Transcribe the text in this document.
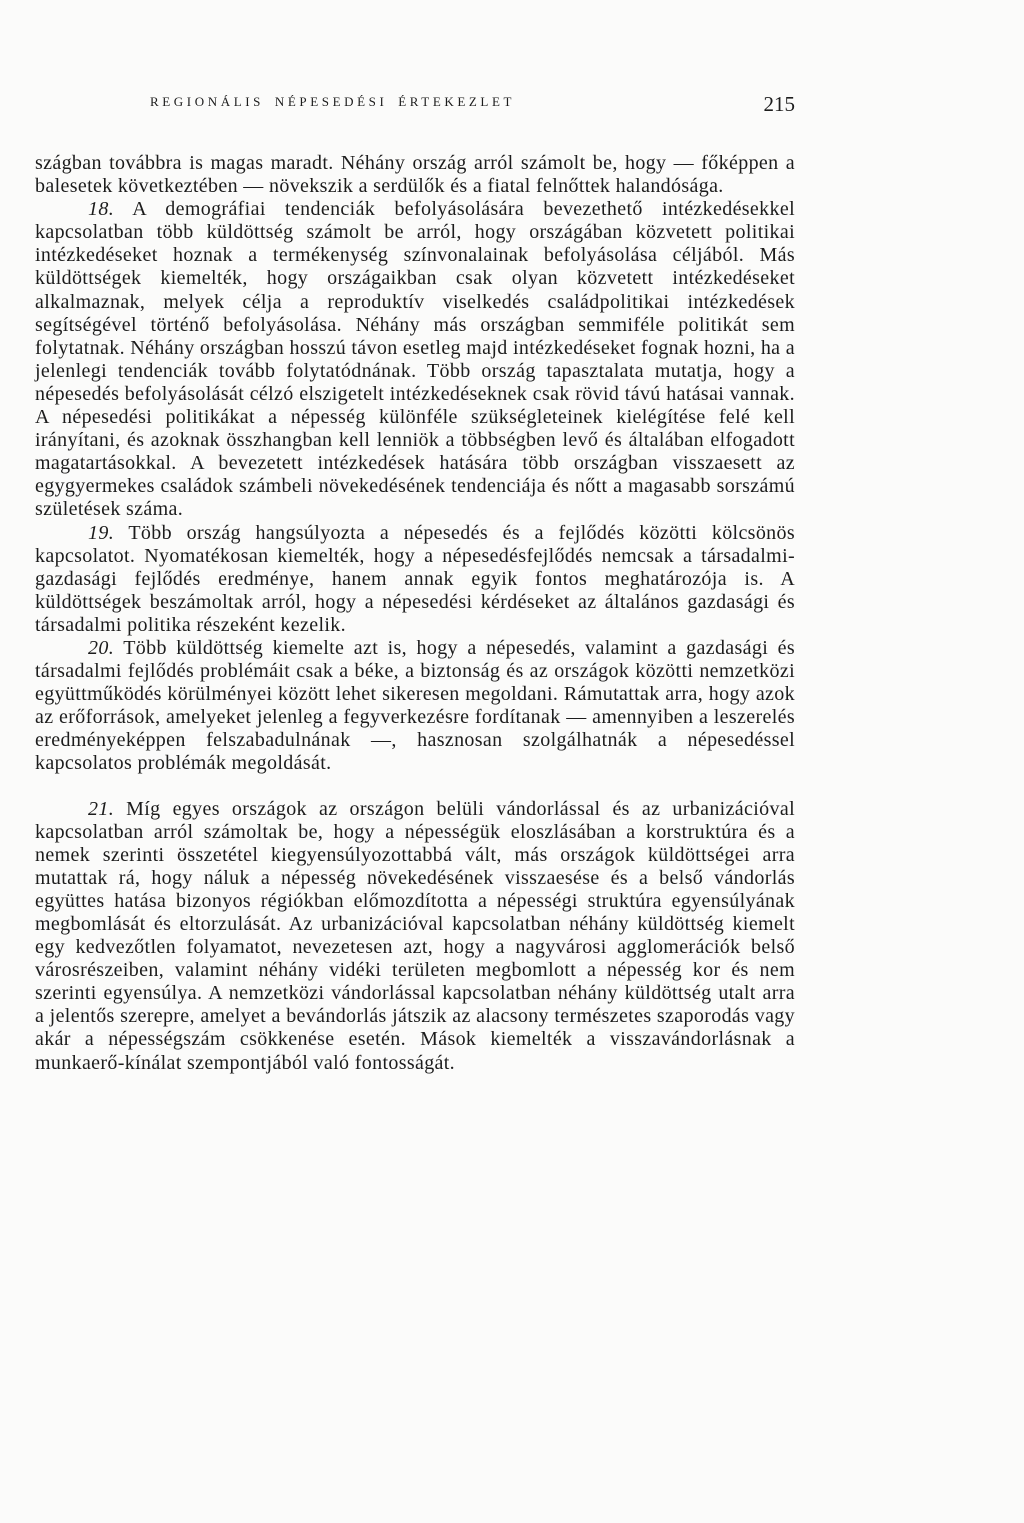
REGIONÁLIS NÉPESEDÉSI ÉRTEKEZLET	215

szágban továbbra is magas maradt. Néhány ország arról számolt be, hogy — főképpen a balesetek következtében — növekszik a serdülők és a fiatal felnőttek halandósága.

18. A demográfiai tendenciák befolyásolására bevezethető intézkedésekkel kapcsolatban több küldöttség számolt be arról, hogy országában közvetett politikai intézkedéseket hoznak a termékenység színvonalainak befolyásolása céljából. Más küldöttségek kiemelték, hogy országaikban csak olyan közvetett intézkedéseket alkalmaznak, melyek célja a reproduktív viselkedés családpolitikai intézkedések segítségével történő befolyásolása. Néhány más országban semmiféle politikát sem folytatnak. Néhány országban hosszú távon esetleg majd intézkedéseket fognak hozni, ha a jelenlegi tendenciák tovább folytatódnának. Több ország tapasztalata mutatja, hogy a népesedés befolyásolását célzó elszigetelt intézkedéseknek csak rövid távú hatásai vannak. A népesedési politikákat a népesség különféle szükségleteinek kielégítése felé kell irányítani, és azoknak összhangban kell lenniök a többségben levő és általában elfogadott magatartásokkal. A bevezetett intézkedések hatására több országban visszaesett az egygyermekes családok számbeli növekedésének tendenciája és nőtt a magasabb sorszámú születések száma.

19. Több ország hangsúlyozta a népesedés és a fejlődés közötti kölcsönös kapcsolatot. Nyomatékosan kiemelték, hogy a népesedésfejlődés nemcsak a társadalmi-gazdasági fejlődés eredménye, hanem annak egyik fontos meghatározója is. A küldöttségek beszámoltak arról, hogy a népesedési kérdéseket az általános gazdasági és társadalmi politika részeként kezelik.

20. Több küldöttség kiemelte azt is, hogy a népesedés, valamint a gazdasági és társadalmi fejlődés problémáit csak a béke, a biztonság és az országok közötti nemzetközi együttműködés körülményei között lehet sikeresen megoldani. Rámutattak arra, hogy azok az erőforrások, amelyeket jelenleg a fegyverkezésre fordítanak — amennyiben a leszerelés eredményeképpen felszabadulnának —, hasznosan szolgálhatnák a népesedéssel kapcsolatos problémák megoldását.

21. Míg egyes országok az országon belüli vándorlással és az urbanizációval kapcsolatban arról számoltak be, hogy a népességük eloszlásában a korstruktúra és a nemek szerinti összetétel kiegyensúlyozottabbá vált, más országok küldöttségei arra mutattak rá, hogy náluk a népesség növekedésének visszaesése és a belső vándorlás együttes hatása bizonyos régiókban előmozdította a népességi struktúra egyensúlyának megbomlását és eltorzulását. Az urbanizációval kapcsolatban néhány küldöttség kiemelt egy kedvezőtlen folyamatot, nevezetesen azt, hogy a nagyvárosi agglomerációk belső városrészeiben, valamint néhány vidéki területen megbomlott a népesség kor és nem szerinti egyensúlya. A nemzetközi vándorlással kapcsolatban néhány küldöttség utalt arra a jelentős szerepre, amelyet a bevándorlás játszik az alacsony természetes szaporodás vagy akár a népességszám csökkenése esetén. Mások kiemelték a visszavándorlásnak a munkaerő-kínálat szempontjából való fontosságát.
